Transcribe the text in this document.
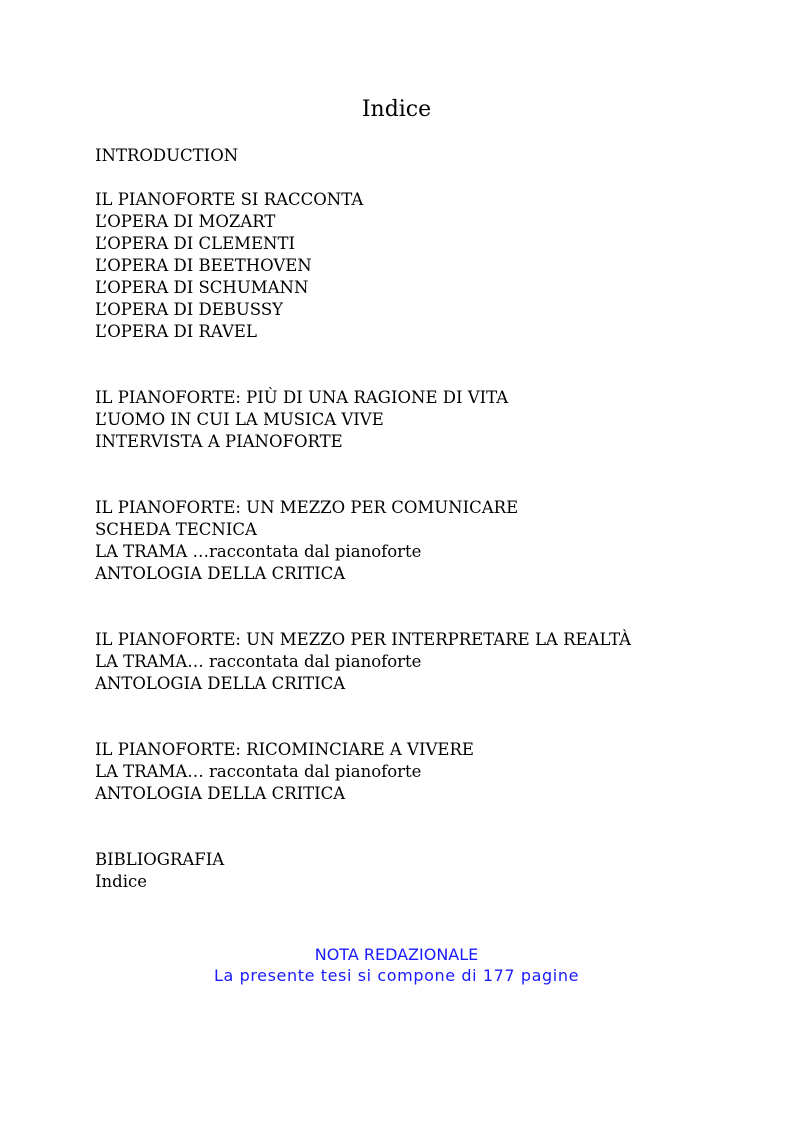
Indice
INTRODUCTION
IL PIANOFORTE SI RACCONTA
L’OPERA DI MOZART
L’OPERA DI CLEMENTI
L’OPERA DI BEETHOVEN
L’OPERA DI SCHUMANN
L’OPERA DI DEBUSSY
L’OPERA DI RAVEL
IL PIANOFORTE: PIÙ DI UNA RAGIONE DI VITA
L’UOMO IN CUI LA MUSICA VIVE
INTERVISTA A PIANOFORTE
IL PIANOFORTE: UN MEZZO PER COMUNICARE
SCHEDA TECNICA
LA TRAMA …raccontata dal pianoforte
ANTOLOGIA DELLA CRITICA
IL PIANOFORTE: UN MEZZO PER INTERPRETARE LA REALTÀ
LA TRAMA… raccontata dal pianoforte
ANTOLOGIA DELLA CRITICA
IL PIANOFORTE: RICOMINCIARE A VIVERE
LA TRAMA… raccontata dal pianoforte
ANTOLOGIA DELLA CRITICA
BIBLIOGRAFIA
Indice
NOTA REDAZIONALE
La presente tesi si compone di 177 pagine
